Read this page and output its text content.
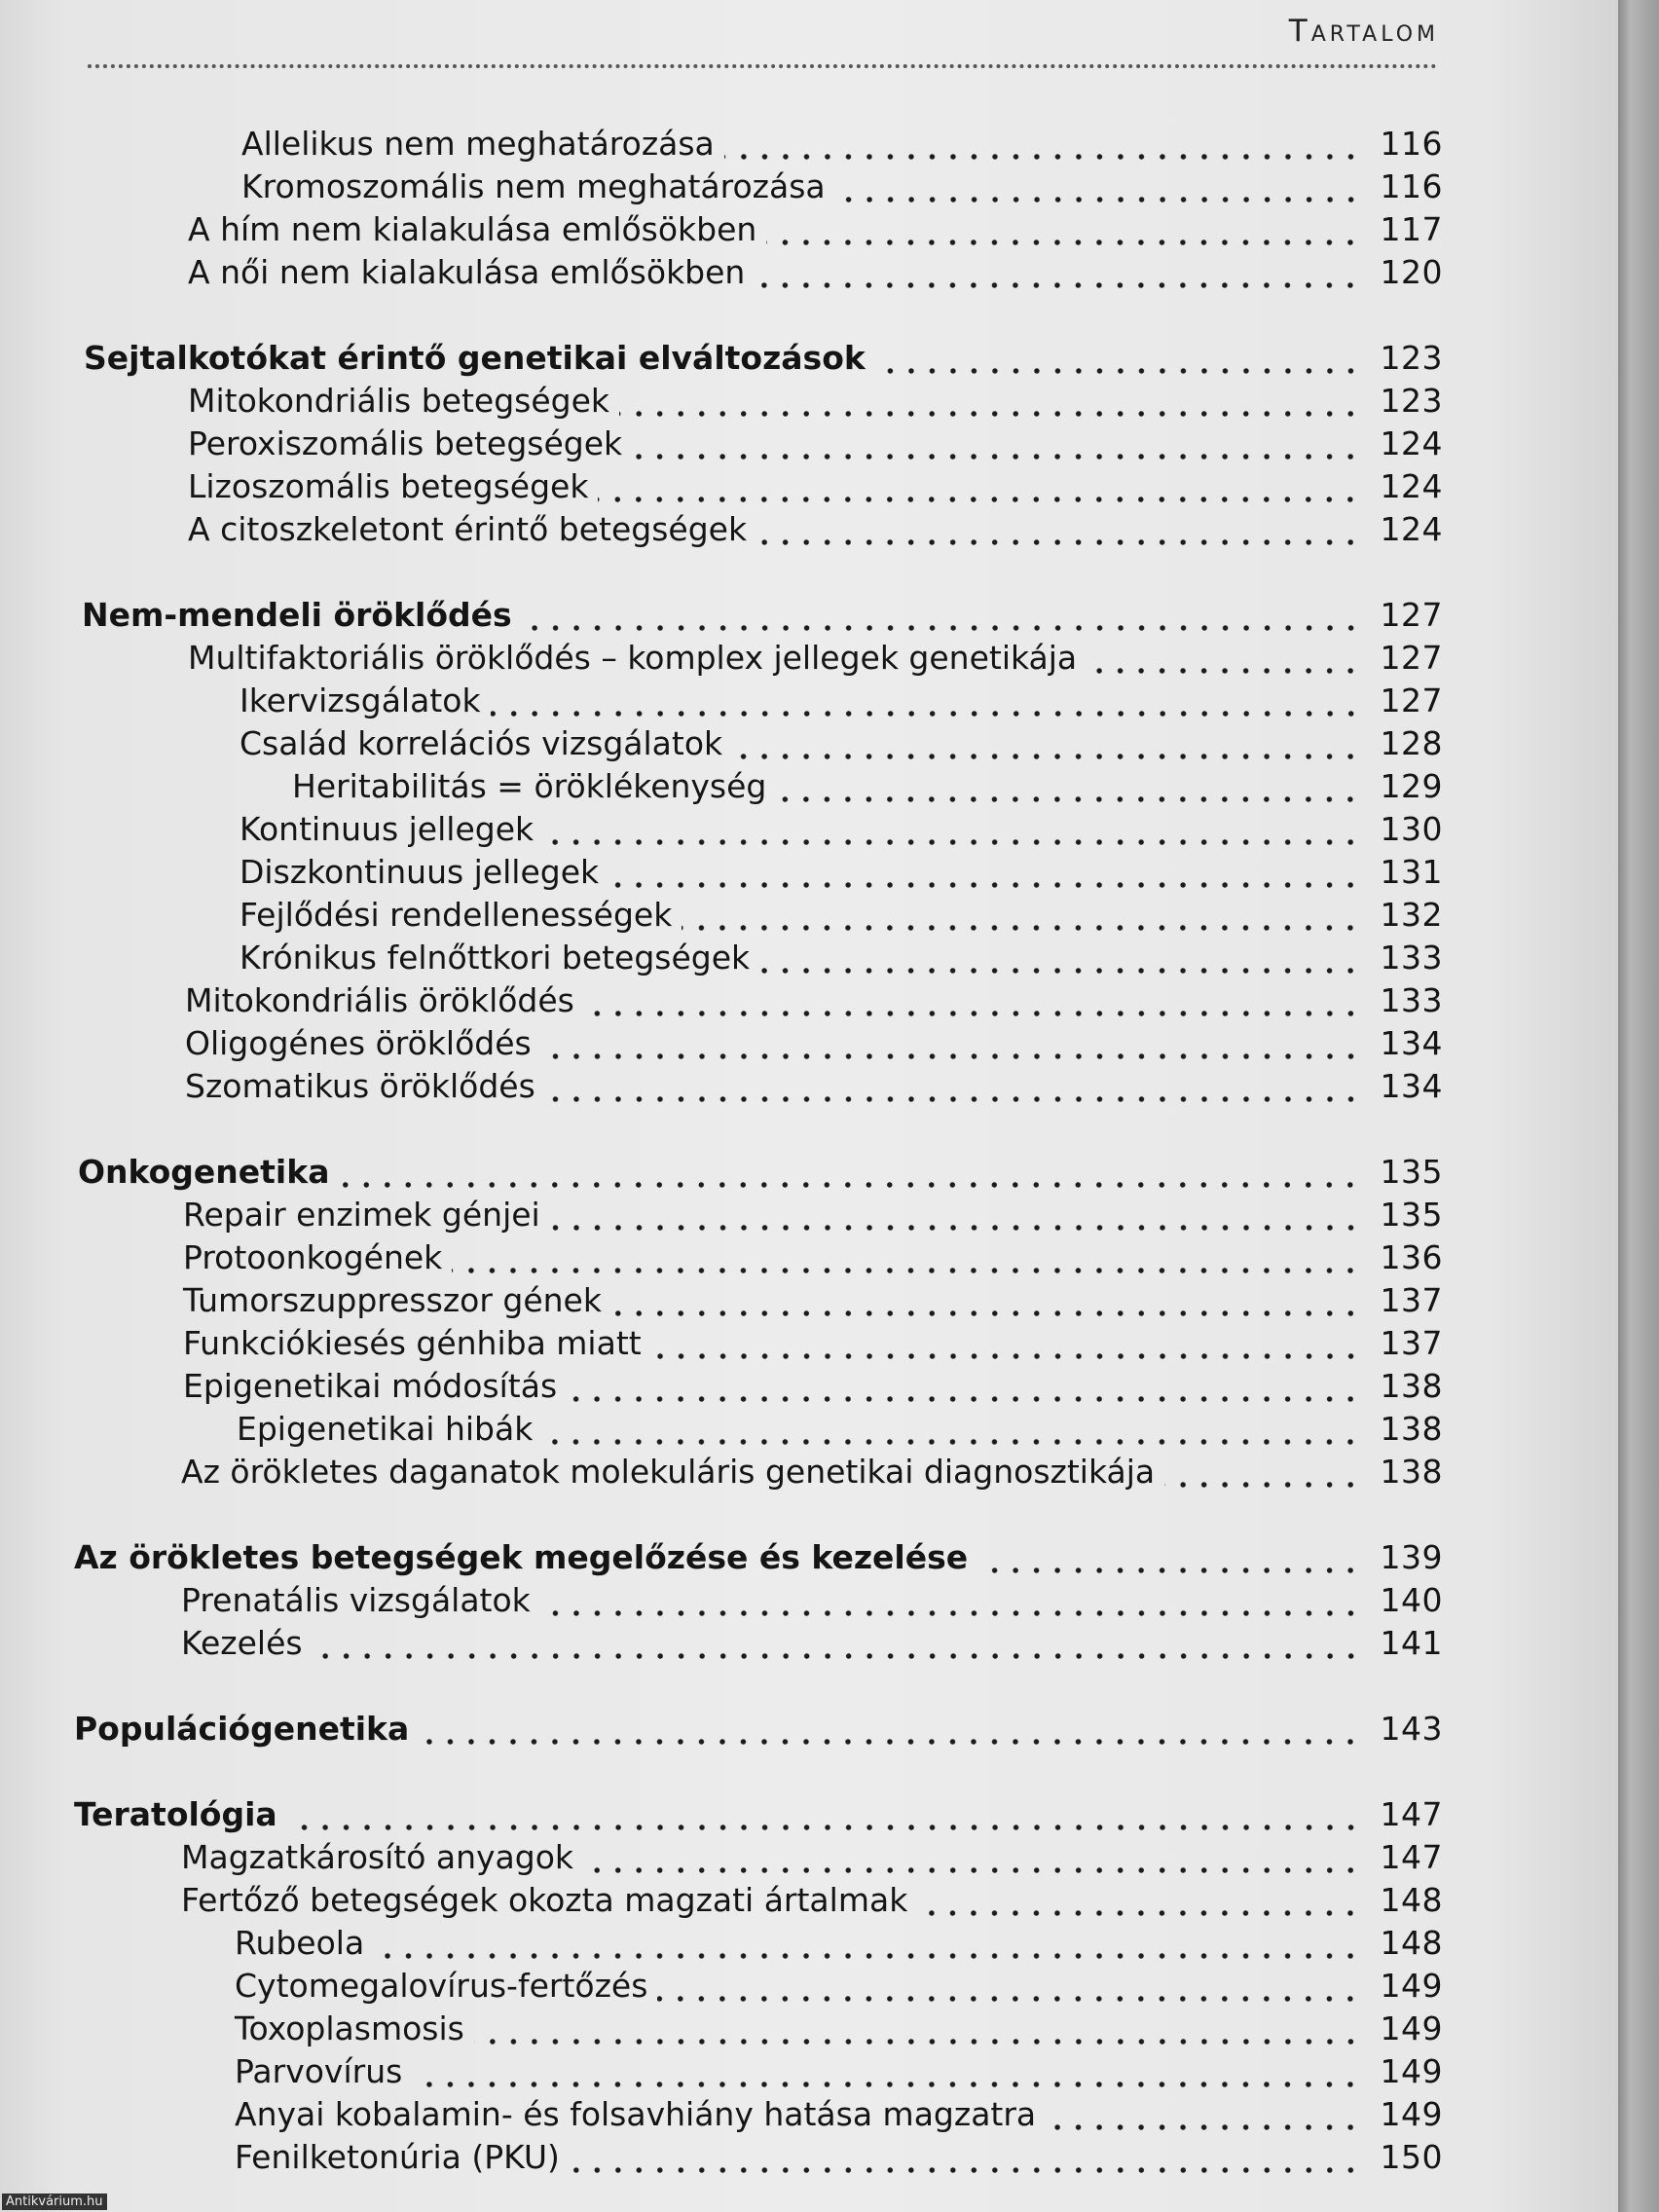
Tartalom
Allelikus nem meghatározása	116
Kromoszomális nem meghatározása	116
A hím nem kialakulása emlősökben	117
A női nem kialakulása emlősökben	120
Sejtalkotókat érintő genetikai elváltozások	123
Mitokondriális betegségek	123
Peroxiszomális betegségek	124
Lizoszomális betegségek	124
A citoszkeletont érintő betegségek	124
Nem-mendeli öröklődés	127
Multifaktoriális öröklődés – komplex jellegek genetikája	127
Ikervizsgálatok	127
Család korrelációs vizsgálatok	128
Heritabilitás = öröklékenység	129
Kontinuus jellegek	130
Diszkontinuus jellegek	131
Fejlődési rendellenességek	132
Krónikus felnőttkori betegségek	133
Mitokondriális öröklődés	133
Oligogénes öröklődés	134
Szomatikus öröklődés	134
Onkogenetika	135
Repair enzimek génjei	135
Protoonkogének	136
Tumorszuppresszor gének	137
Funkciókiesés génhiba miatt	137
Epigenetikai módosítás	138
Epigenetikai hibák	138
Az örökletes daganatok molekuláris genetikai diagnosztikája	138
Az örökletes betegségek megelőzése és kezelése	139
Prenatális vizsgálatok	140
Kezelés	141
Populációgenetika	143
Teratológia	147
Magzatkárosító anyagok	147
Fertőző betegségek okozta magzati ártalmak	148
Rubeola	148
Cytomegalovírus-fertőzés	149
Toxoplasmosis	149
Parvovírus	149
Anyai kobalamin- és folsavhiány hatása magzatra	149
Fenilketonúria (PKU)	150
Antikvárium.hu
